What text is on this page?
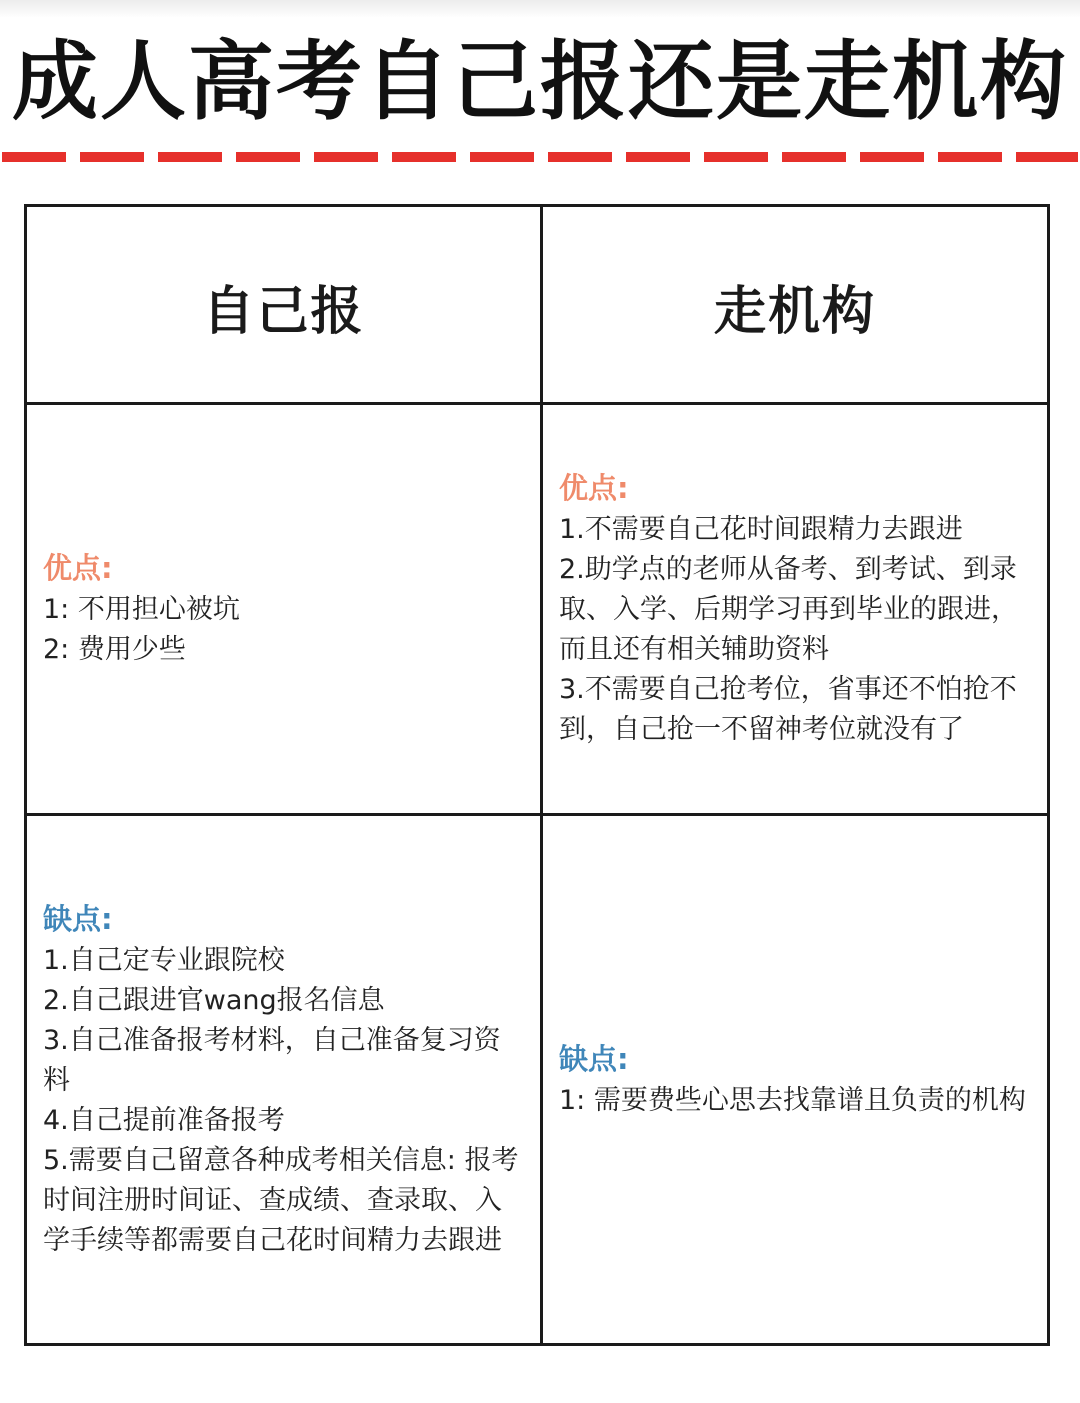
成人高考自己报还是走机构
自己报	走机构
优点:
1: 不用担心被坑
2: 费用少些
优点:
1.不需要自己花时间跟精力去跟进
2.助学点的老师从备考、到考试、到录取、入学、后期学习再到毕业的跟进，而且还有相关辅助资料
3.不需要自己抢考位，省事还不怕抢不到，自己抢一不留神考位就没有了
缺点:
1.自己定专业跟院校
2.自己跟进官wang报名信息
3.自己准备报考材料，自己准备复习资料
4.自己提前准备报考
5.需要自己留意各种成考相关信息: 报考时间注册时间证、查成绩、查录取、入学手续等都需要自己花时间精力去跟进
缺点:
1: 需要费些心思去找靠谱且负责的机构
